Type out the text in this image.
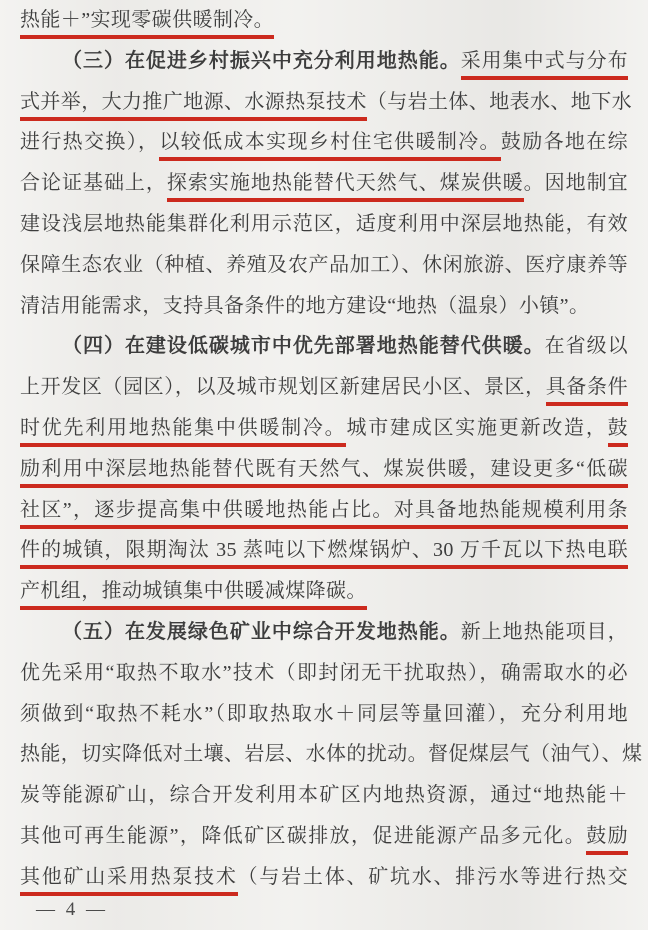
热能＋”实现零碳供暖制冷。
（三）在促进乡村振兴中充分利用地热能。采用集中式与分布
式并举，大力推广地源、水源热泵技术（与岩土体、地表水、地下水
进行热交换），以较低成本实现乡村住宅供暖制冷。鼓励各地在综
合论证基础上，探索实施地热能替代天然气、煤炭供暖。因地制宜
建设浅层地热能集群化利用示范区，适度利用中深层地热能，有效
保障生态农业（种植、养殖及农产品加工）、休闲旅游、医疗康养等
清洁用能需求，支持具备条件的地方建设“地热（温泉）小镇”。
（四）在建设低碳城市中优先部署地热能替代供暖。在省级以
上开发区（园区），以及城市规划区新建居民小区、景区，具备条件
时优先利用地热能集中供暖制冷。城市建成区实施更新改造，鼓
励利用中深层地热能替代既有天然气、煤炭供暖，建设更多“低碳
社区”，逐步提高集中供暖地热能占比。对具备地热能规模利用条
件的城镇，限期淘汰 35 蒸吨以下燃煤锅炉、30 万千瓦以下热电联
产机组，推动城镇集中供暖减煤降碳。
（五）在发展绿色矿业中综合开发地热能。新上地热能项目，
优先采用“取热不取水”技术（即封闭无干扰取热），确需取水的必
须做到“取热不耗水”（即取热取水＋同层等量回灌），充分利用地
热能，切实降低对土壤、岩层、水体的扰动。督促煤层气（油气）、煤
炭等能源矿山，综合开发利用本矿区内地热资源，通过“地热能＋
其他可再生能源”，降低矿区碳排放，促进能源产品多元化。鼓励
其他矿山采用热泵技术（与岩土体、矿坑水、排污水等进行热交
— 4 —
